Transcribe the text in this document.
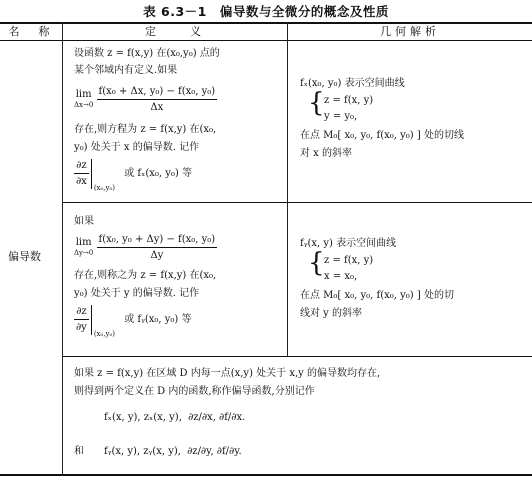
表 6.3－1　偏导数与全微分的概念及性质
名　称	定　　义	几何解析
偏导数
设函数 z = f(x,y) 在(x₀,y₀) 点的
某个邻域内有定义.如果
lim
Δx→0
$\frac{\text{f(x₀ + Δx, y₀) − f(x₀, y₀)}}{\Delta x}$
存在,则方程为 z = f(x,y) 在(x₀,
y₀) 处关于 x 的偏导数. 记作
$\frac{\partial z}{\partial x} _{(x_0,y_0)}$ 或 fₓ(x₀, y₀) 等
fₓ(x₀, y₀) 表示空间曲线
{ z = f(x, y)
y = y₀,
在点 M₀[ x₀, y₀, f(x₀, y₀) ] 处的切线
对 x 的斜率
如果
lim
Δy→0
$\frac{\text{f(x₀, y₀ + Δy) − f(x₀, y₀)}}{\Delta y}$
存在,则称之为 z = f(x,y) 在(x₀,
y₀) 处关于 y 的偏导数. 记作
$\frac{\partial z}{\partial y} _{(x_0,y_0)}$ 或 fᵧ(x₀, y₀) 等
fᵧ(x, y) 表示空间曲线
{ z = f(x, y)
x = x₀,
在点 M₀[ x₀, y₀, f(x₀, y₀) ] 处的切
线对 y 的斜率
如果 z = f(x,y) 在区域 D 内每一点(x,y) 处关于 x,y 的偏导数均存在,
则得到两个定义在 D 内的函数,称作偏导函数,分别记作
fₓ(x, y), zₓ(x, y), ∂z/∂x, ∂f/∂x.
和 fᵧ(x, y), zᵧ(x, y), ∂z/∂y, ∂f/∂y.
